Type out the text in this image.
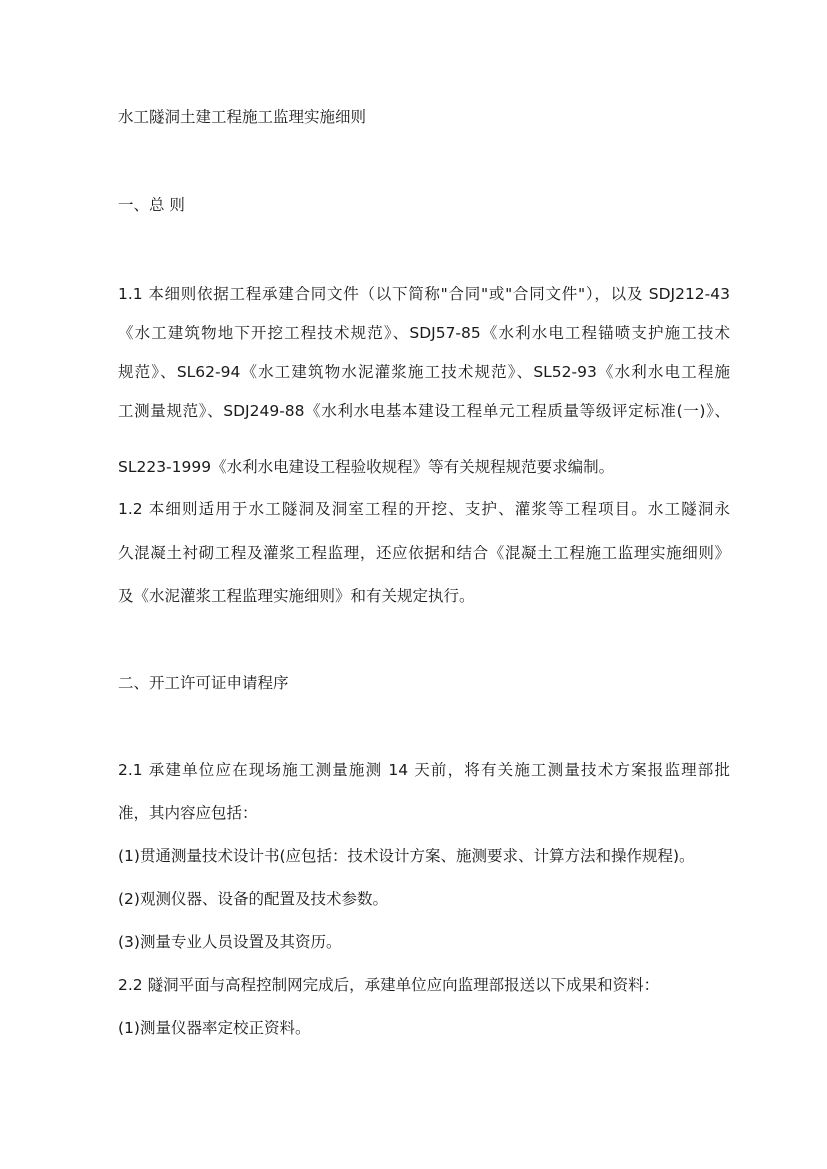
水工隧洞土建工程施工监理实施细则
一、总 则
1.1 本细则依据工程承建合同文件（以下简称"合同"或"合同文件"），以及 SDJ212-43
《水工建筑物地下开挖工程技术规范》、SDJ57-85《水利水电工程锚喷支护施工技术
规范》、SL62-94《水工建筑物水泥灌浆施工技术规范》、SL52-93《水利水电工程施
工测量规范》、SDJ249-88《水利水电基本建设工程单元工程质量等级评定标准(一)》、
SL223-1999《水利水电建设工程验收规程》等有关规程规范要求编制。
1.2 本细则适用于水工隧洞及洞室工程的开挖、支护、灌浆等工程项目。水工隧洞永
久混凝土衬砌工程及灌浆工程监理，还应依据和结合《混凝土工程施工监理实施细则》
及《水泥灌浆工程监理实施细则》和有关规定执行。
二、开工许可证申请程序
2.1 承建单位应在现场施工测量施测 14 天前，将有关施工测量技术方案报监理部批
准，其内容应包括：
(1)贯通测量技术设计书(应包括：技术设计方案、施测要求、计算方法和操作规程)。
(2)观测仪器、设备的配置及技术参数。
(3)测量专业人员设置及其资历。
2.2 隧洞平面与高程控制网完成后，承建单位应向监理部报送以下成果和资料：
(1)测量仪器率定校正资料。
